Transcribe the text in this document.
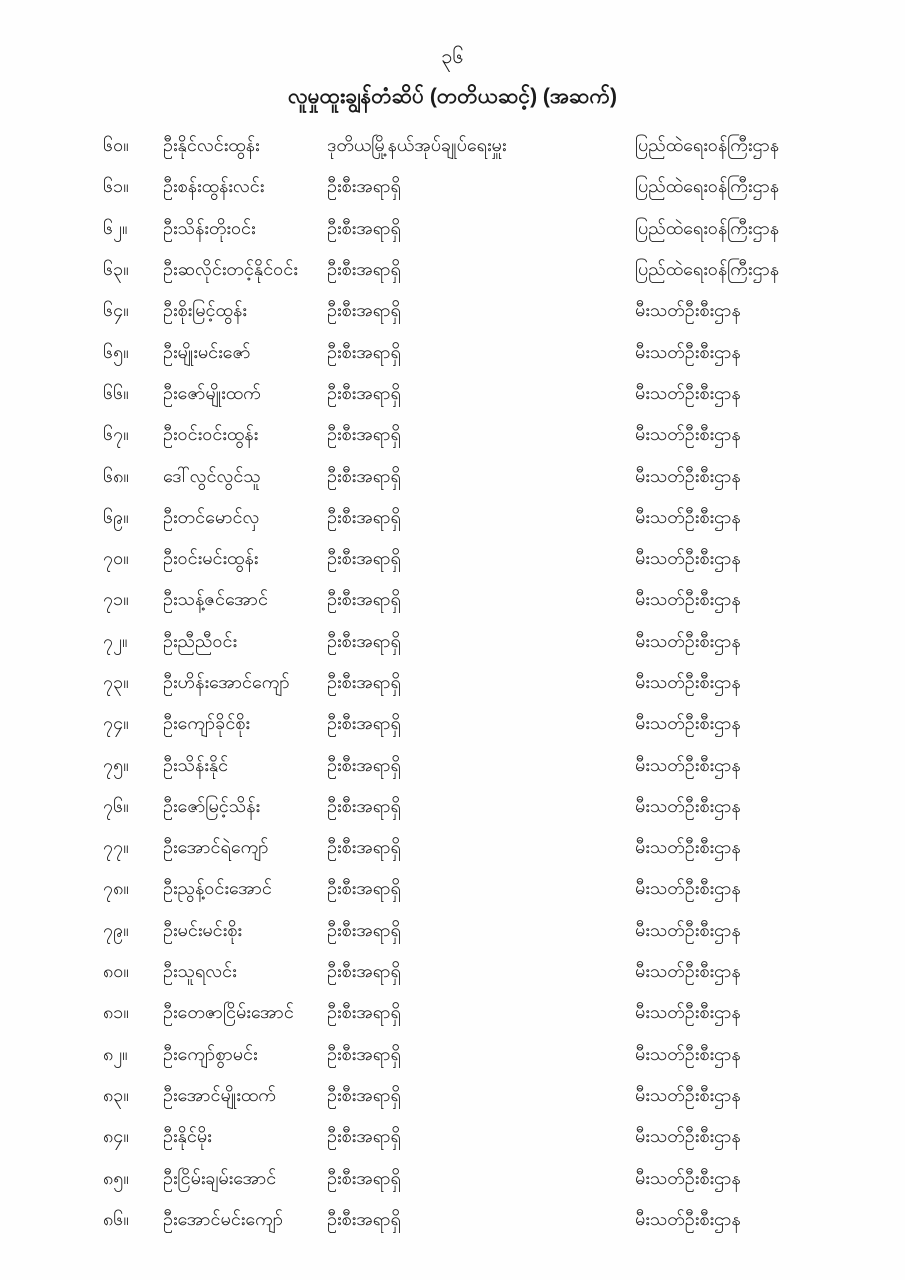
၃၆
လူမှုထူးချွန်တံဆိပ် (တတိယဆင့်) (အဆက်)
၆၀။	ဦးနိုင်လင်းထွန်း	ဒုတိယမြို့နယ်အုပ်ချုပ်ရေးမှူး	ပြည်ထဲရေးဝန်ကြီးဌာန
၆၁။	ဦးစန်းထွန်းလင်း	ဦးစီးအရာရှိ	ပြည်ထဲရေးဝန်ကြီးဌာန
၆၂။	ဦးသိန်းတိုးဝင်း	ဦးစီးအရာရှိ	ပြည်ထဲရေးဝန်ကြီးဌာန
၆၃။	ဦးဆလိုင်းတင့်နိုင်ဝင်း	ဦးစီးအရာရှိ	ပြည်ထဲရေးဝန်ကြီးဌာန
၆၄။	ဦးစိုးမြင့်ထွန်း	ဦးစီးအရာရှိ	မီးသတ်ဦးစီးဌာန
၆၅။	ဦးမျိုးမင်းဇော်	ဦးစီးအရာရှိ	မီးသတ်ဦးစီးဌာန
၆၆။	ဦးဇော်မျိုးထက်	ဦးစီးအရာရှိ	မီးသတ်ဦးစီးဌာန
၆၇။	ဦးဝင်းဝင်းထွန်း	ဦးစီးအရာရှိ	မီးသတ်ဦးစီးဌာန
၆၈။	ဒေါ်လွင်လွင်သူ	ဦးစီးအရာရှိ	မီးသတ်ဦးစီးဌာန
၆၉။	ဦးတင်မောင်လှ	ဦးစီးအရာရှိ	မီးသတ်ဦးစီးဌာန
၇၀။	ဦးဝင်းမင်းထွန်း	ဦးစီးအရာရှိ	မီးသတ်ဦးစီးဌာန
၇၁။	ဦးသန့်ဇင်အောင်	ဦးစီးအရာရှိ	မီးသတ်ဦးစီးဌာန
၇၂။	ဦးညီညီဝင်း	ဦးစီးအရာရှိ	မီးသတ်ဦးစီးဌာန
၇၃။	ဦးဟိန်းအောင်ကျော်	ဦးစီးအရာရှိ	မီးသတ်ဦးစီးဌာန
၇၄။	ဦးကျော်ခိုင်စိုး	ဦးစီးအရာရှိ	မီးသတ်ဦးစီးဌာန
၇၅။	ဦးသိန်းနိုင်	ဦးစီးအရာရှိ	မီးသတ်ဦးစီးဌာန
၇၆။	ဦးဇော်မြင့်သိန်း	ဦးစီးအရာရှိ	မီးသတ်ဦးစီးဌာန
၇၇။	ဦးအောင်ရဲကျော်	ဦးစီးအရာရှိ	မီးသတ်ဦးစီးဌာန
၇၈။	ဦးညွန့်ဝင်းအောင်	ဦးစီးအရာရှိ	မီးသတ်ဦးစီးဌာန
၇၉။	ဦးမင်းမင်းစိုး	ဦးစီးအရာရှိ	မီးသတ်ဦးစီးဌာန
၈၀။	ဦးသူရလင်း	ဦးစီးအရာရှိ	မီးသတ်ဦးစီးဌာန
၈၁။	ဦးတေဇာငြိမ်းအောင်	ဦးစီးအရာရှိ	မီးသတ်ဦးစီးဌာန
၈၂။	ဦးကျော်စွာမင်း	ဦးစီးအရာရှိ	မီးသတ်ဦးစီးဌာန
၈၃။	ဦးအောင်မျိုးထက်	ဦးစီးအရာရှိ	မီးသတ်ဦးစီးဌာန
၈၄။	ဦးနိုင်မိုး	ဦးစီးအရာရှိ	မီးသတ်ဦးစီးဌာန
၈၅။	ဦးငြိမ်းချမ်းအောင်	ဦးစီးအရာရှိ	မီးသတ်ဦးစီးဌာန
၈၆။	ဦးအောင်မင်းကျော်	ဦးစီးအရာရှိ	မီးသတ်ဦးစီးဌာန
